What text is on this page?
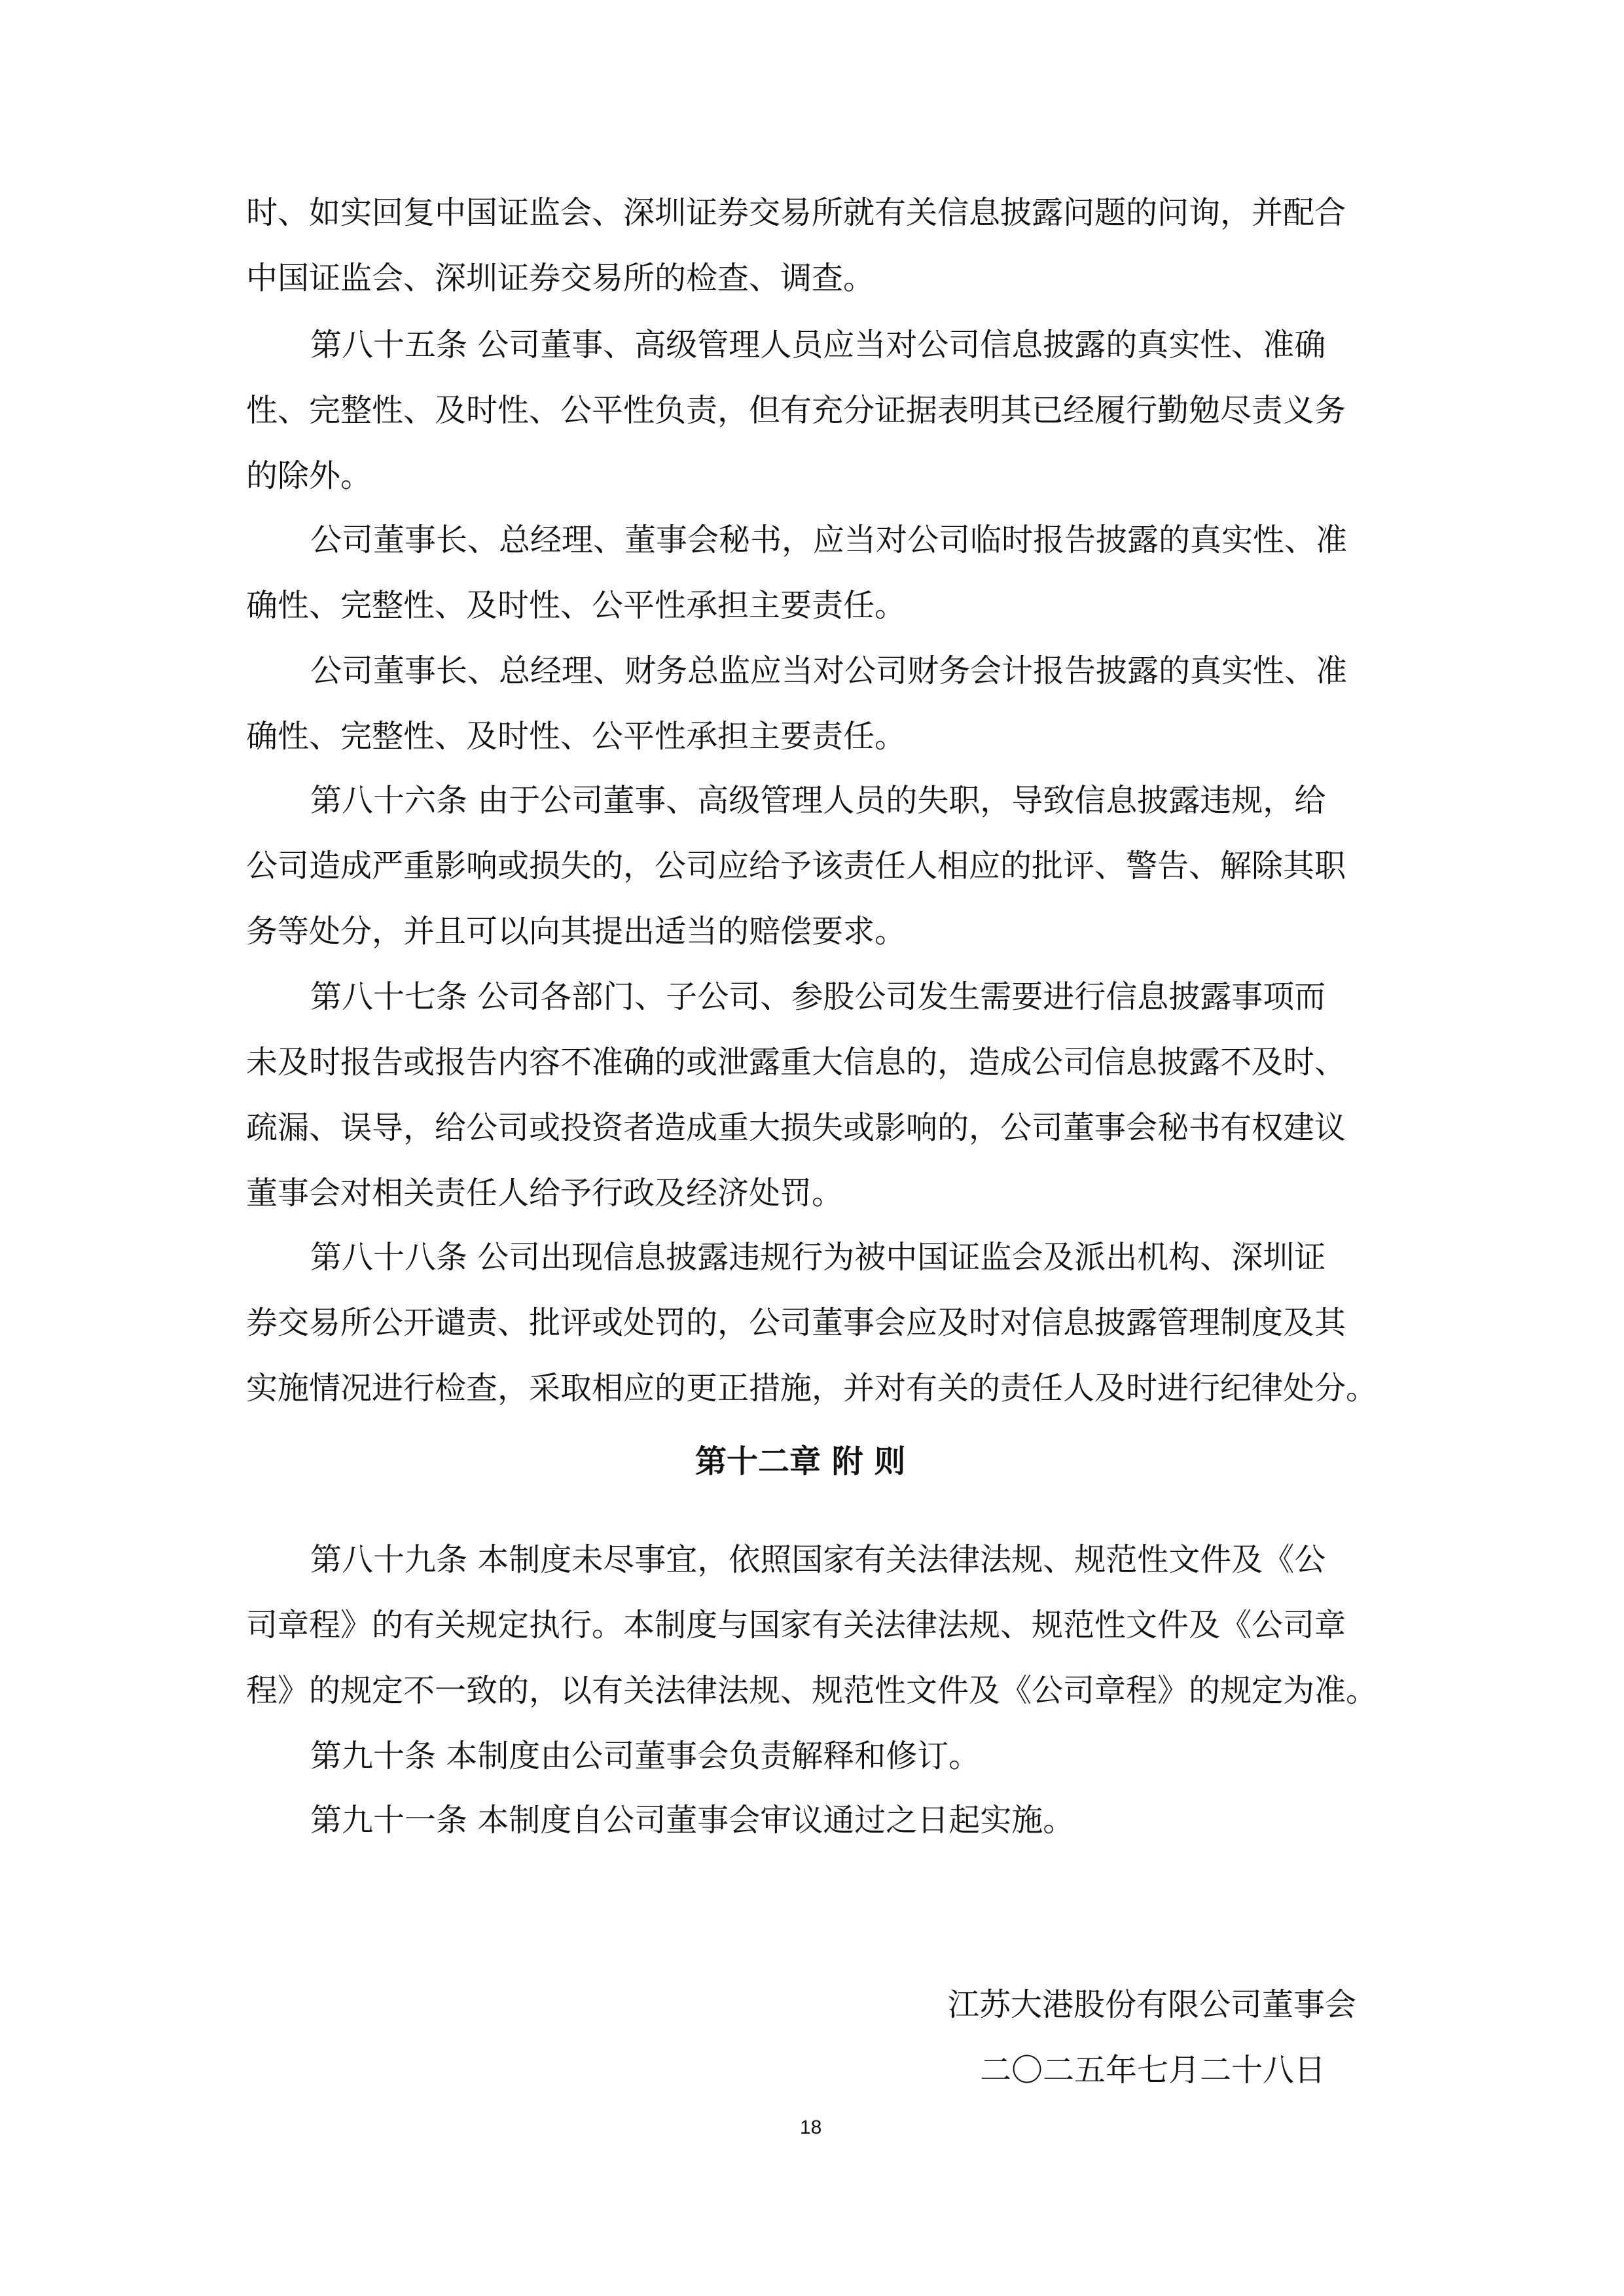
时、如实回复中国证监会、深圳证券交易所就有关信息披露问题的问询，并配合
中国证监会、深圳证券交易所的检查、调查。
第八十五条 公司董事、高级管理人员应当对公司信息披露的真实性、准确
性、完整性、及时性、公平性负责，但有充分证据表明其已经履行勤勉尽责义务
的除外。
公司董事长、总经理、董事会秘书，应当对公司临时报告披露的真实性、准
确性、完整性、及时性、公平性承担主要责任。
公司董事长、总经理、财务总监应当对公司财务会计报告披露的真实性、准
确性、完整性、及时性、公平性承担主要责任。
第八十六条 由于公司董事、高级管理人员的失职，导致信息披露违规，给
公司造成严重影响或损失的，公司应给予该责任人相应的批评、警告、解除其职
务等处分，并且可以向其提出适当的赔偿要求。
第八十七条 公司各部门、子公司、参股公司发生需要进行信息披露事项而
未及时报告或报告内容不准确的或泄露重大信息的，造成公司信息披露不及时、
疏漏、误导，给公司或投资者造成重大损失或影响的，公司董事会秘书有权建议
董事会对相关责任人给予行政及经济处罚。
第八十八条 公司出现信息披露违规行为被中国证监会及派出机构、深圳证
券交易所公开谴责、批评或处罚的，公司董事会应及时对信息披露管理制度及其
实施情况进行检查，采取相应的更正措施，并对有关的责任人及时进行纪律处分。
第十二章 附 则
第八十九条 本制度未尽事宜，依照国家有关法律法规、规范性文件及《公
司章程》的有关规定执行。本制度与国家有关法律法规、规范性文件及《公司章
程》的规定不一致的，以有关法律法规、规范性文件及《公司章程》的规定为准。
第九十条 本制度由公司董事会负责解释和修订。
第九十一条 本制度自公司董事会审议通过之日起实施。
江苏大港股份有限公司董事会
二〇二五年七月二十八日
18
